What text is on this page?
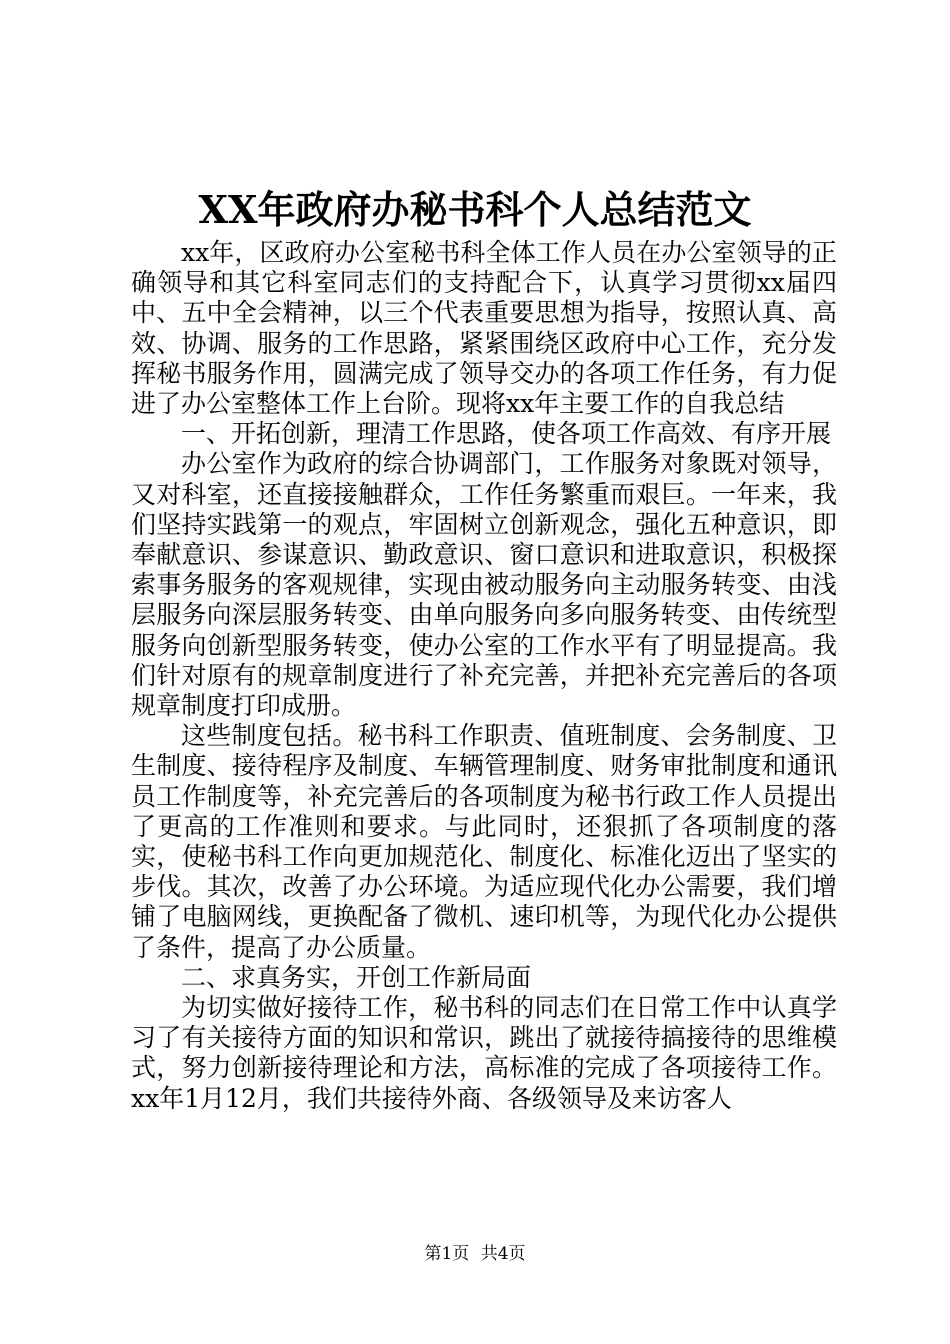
XX年政府办秘书科个人总结范文

xx年，区政府办公室秘书科全体工作人员在办公室领导的正确领导和其它科室同志们的支持配合下，认真学习贯彻xx届四中、五中全会精神，以三个代表重要思想为指导，按照认真、高效、协调、服务的工作思路，紧紧围绕区政府中心工作，充分发挥秘书服务作用，圆满完成了领导交办的各项工作任务，有力促进了办公室整体工作上台阶。现将xx年主要工作的自我总结

一、开拓创新，理清工作思路，使各项工作高效、有序开展

办公室作为政府的综合协调部门，工作服务对象既对领导，又对科室，还直接接触群众，工作任务繁重而艰巨。一年来，我们坚持实践第一的观点，牢固树立创新观念，强化五种意识，即奉献意识、参谋意识、勤政意识、窗口意识和进取意识，积极探索事务服务的客观规律，实现由被动服务向主动服务转变、由浅层服务向深层服务转变、由单向服务向多向服务转变、由传统型服务向创新型服务转变，使办公室的工作水平有了明显提高。我们针对原有的规章制度进行了补充完善，并把补充完善后的各项规章制度打印成册。

这些制度包括。秘书科工作职责、值班制度、会务制度、卫生制度、接待程序及制度、车辆管理制度、财务审批制度和通讯员工作制度等，补充完善后的各项制度为秘书行政工作人员提出了更高的工作准则和要求。与此同时，还狠抓了各项制度的落实，使秘书科工作向更加规范化、制度化、标准化迈出了坚实的步伐。其次，改善了办公环境。为适应现代化办公需要，我们增铺了电脑网线，更换配备了微机、速印机等，为现代化办公提供了条件，提高了办公质量。

二、求真务实，开创工作新局面

为切实做好接待工作，秘书科的同志们在日常工作中认真学习了有关接待方面的知识和常识，跳出了就接待搞接待的思维模式，努力创新接待理论和方法，高标准的完成了各项接待工作。xx年1月12月，我们共接待外商、各级领导及来访客人

第1页 共4页
